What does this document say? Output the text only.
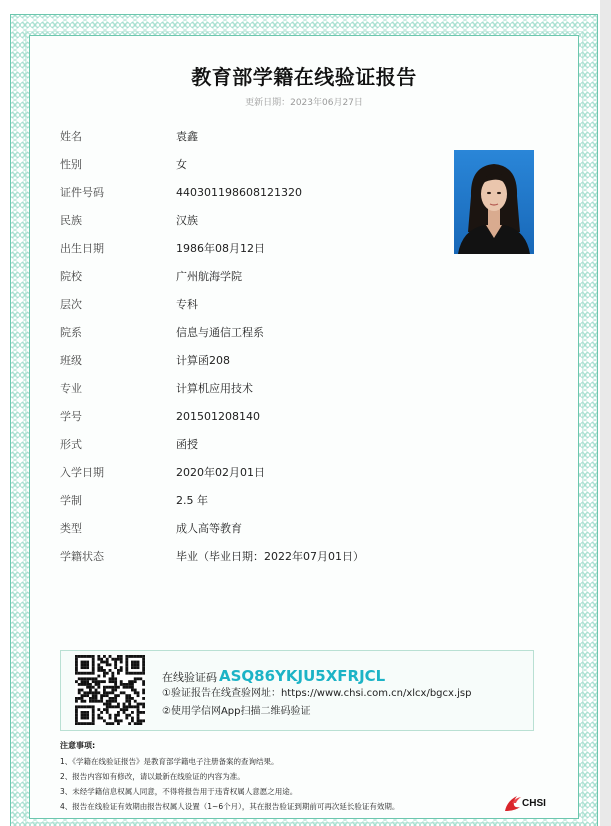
教育部学籍在线验证报告
更新日期：2023年06月27日
姓名	袁鑫
性别	女
证件号码	440301198608121320
民族	汉族
出生日期	1986年08月12日
院校	广州航海学院
层次	专科
院系	信息与通信工程系
班级	计算函208
专业	计算机应用技术
学号	201501208140
形式	函授
入学日期	2020年02月01日
学制	2.5 年
类型	成人高等教育
学籍状态	毕业（毕业日期：2022年07月01日）
在线验证码 ASQ86YKJU5XFRJCL
①验证报告在线查验网址：https://www.chsi.com.cn/xlcx/bgcx.jsp
②使用学信网App扫描二维码验证
注意事项:
1、《学籍在线验证报告》是教育部学籍电子注册备案的查询结果。
2、报告内容如有修改，请以最新在线验证的内容为准。
3、未经学籍信息权属人同意，不得将报告用于违背权属人意愿之用途。
4、报告在线验证有效期由报告权属人设置（1~6个月），其在报告验证到期前可再次延长验证有效期。	CHSI
